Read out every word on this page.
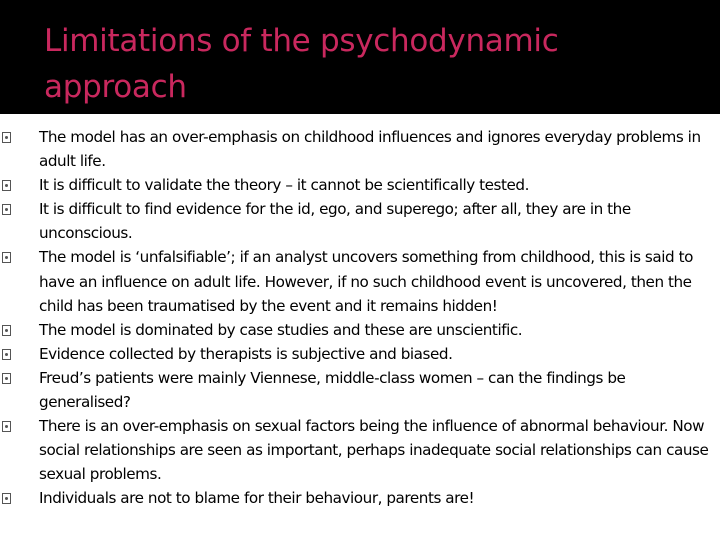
Limitations of the psychodynamic approach
The model has an over-emphasis on childhood influences and ignores everyday problems in adult life.
It is difficult to validate the theory – it cannot be scientifically tested.
It is difficult to find evidence for the id, ego, and superego; after all, they are in the unconscious.
The model is ‘unfalsifiable’; if an analyst uncovers something from childhood, this is said to have an influence on adult life. However, if no such childhood event is uncovered, then the child has been traumatised by the event and it remains hidden!
The model is dominated by case studies and these are unscientific.
Evidence collected by therapists is subjective and biased.
Freud’s patients were mainly Viennese, middle-class women – can the findings be generalised?
There is an over-emphasis on sexual factors being the influence of abnormal behaviour. Now social relationships are seen as important, perhaps inadequate social relationships can cause sexual problems.
Individuals are not to blame for their behaviour, parents are!
